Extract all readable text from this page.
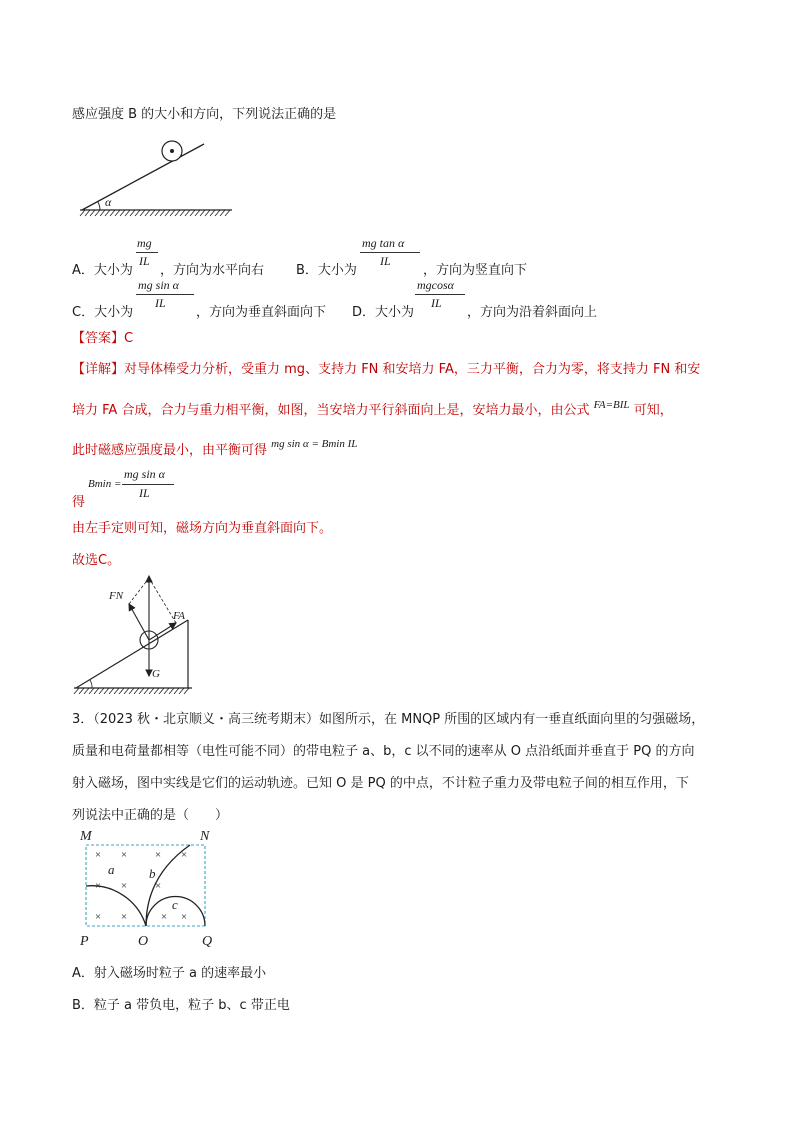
感应强度 B 的大小和方向，下列说法正确的是
α
A．大小为
mg
IL
，方向为水平向右 B．大小为
mg tan α
IL
，方向为竖直向下
C．大小为
mg sin α
IL
，方向为垂直斜面向下 D．大小为
mgcosα
IL
，方向为沿着斜面向上
【答案】C
【详解】对导体棒受力分析，受重力 mg、支持力 FN 和安培力 FA，三力平衡，合力为零，将支持力 FN 和安
培力 FA 合成，合力与重力相平衡，如图，当安培力平行斜面向上是，安培力最小，由公式 $^{FA=BIL}$ 可知，
此时磁感应强度最小，由平衡可得 $^{mg sin \alpha = Bmin IL}$
得
Bmin =
mg sin α
IL
由左手定则可知，磁场方向为垂直斜面向下。
故选C。
FN
FA
G
3．（2023 秋・北京顺义・高三统考期末）如图所示，在 MNQP 所围的区域内有一垂直纸面向里的匀强磁场，
质量和电荷量都相等（电性可能不同）的带电粒子 a、b，c 以不同的速率从 O 点沿纸面并垂直于 PQ 的方向
射入磁场，图中实线是它们的运动轨迹。已知 O 是 PQ 的中点，不计粒子重力及带电粒子间的相互作用，下
列说法中正确的是（　　）
× × × ×
× × ×
× ×	× ×
M	N
P	O	Q
a	b
c
A．射入磁场时粒子 a 的速率最小
B．粒子 a 带负电，粒子 b、c 带正电
